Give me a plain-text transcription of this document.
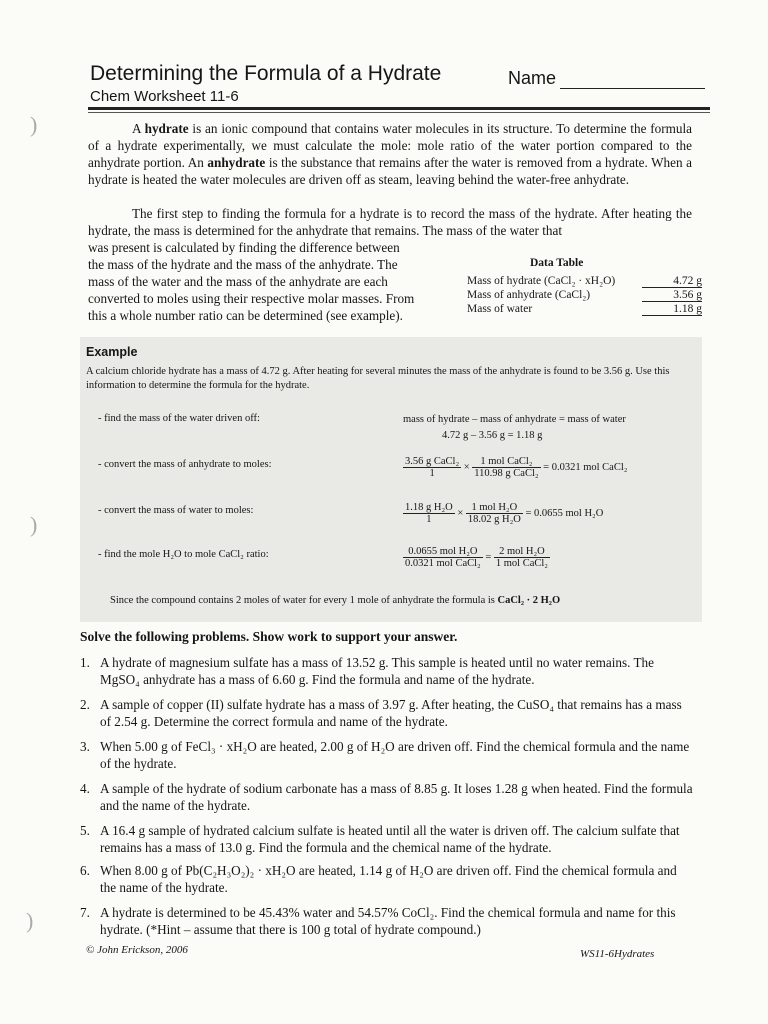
Determining the Formula of a Hydrate
Chem Worksheet 11-6
Name

A hydrate is an ionic compound that contains water molecules in its structure. To determine the formula of a hydrate experimentally, we must calculate the mole: mole ratio of the water portion compared to the anhydrate portion. An anhydrate is the substance that remains after the water is removed from a hydrate. When a hydrate is heated the water molecules are driven off as steam, leaving behind the water-free anhydrate.

The first step to finding the formula for a hydrate is to record the mass of the hydrate. After heating the hydrate, the mass is determined for the anhydrate that remains. The mass of the water that

was present is calculated by finding the difference between
the mass of the hydrate and the mass of the anhydrate. The
mass of the water and the mass of the anhydrate are each
converted to moles using their respective molar masses. From
this a whole number ratio can be determined (see example).
Data Table
Mass of hydrate (CaCl₂ · xH₂O)	4.72 g
Mass of anhydrate (CaCl₂)	3.56 g
Mass of water	1.18 g
Example

A calcium chloride hydrate has a mass of 4.72 g. After heating for several minutes the mass of the anhydrate is found to be 3.56 g. Use this information to determine the formula for the hydrate.

- find the mass of the water driven off:	mass of hydrate – mass of anhydrate = mass of water
4.72 g – 3.56 g = 1.18 g
- convert the mass of anhydrate to moles:	$\frac{\text{3.56 g CaCl₂}}{1} \times \frac{\text{1 mol CaCl₂}}{\text{110.98 g CaCl₂}} = 0.0321$ mol CaCl₂
- convert the mass of water to moles:	$\frac{\text{1.18 g H₂O}}{1} \times \frac{\text{1 mol H₂O}}{\text{18.02 g H₂O}} = 0.0655$ mol H₂O
- find the mole H₂O to mole CaCl₂ ratio:	$\frac{\text{0.0655 mol H₂O}}{\text{0.0321 mol CaCl₂}} = \frac{\text{2 mol H₂O}}{\text{1 mol CaCl₂}}$
Since the compound contains 2 moles of water for every 1 mole of anhydrate the formula is CaCl₂ · 2 H₂O
Solve the following problems. Show work to support your answer.
1. A hydrate of magnesium sulfate has a mass of 13.52 g. This sample is heated until no water remains. The MgSO₄ anhydrate has a mass of 6.60 g. Find the formula and name of the hydrate.
2. A sample of copper (II) sulfate hydrate has a mass of 3.97 g. After heating, the CuSO₄ that remains has a mass of 2.54 g. Determine the correct formula and name of the hydrate.
3. When 5.00 g of FeCl₃ · xH₂O are heated, 2.00 g of H₂O are driven off. Find the chemical formula and the name of the hydrate.
4. A sample of the hydrate of sodium carbonate has a mass of 8.85 g. It loses 1.28 g when heated. Find the formula and the name of the hydrate.
5. A 16.4 g sample of hydrated calcium sulfate is heated until all the water is driven off. The calcium sulfate that remains has a mass of 13.0 g. Find the formula and the chemical name of the hydrate.
6. When 8.00 g of Pb(C₂H₃O₂)₂ · xH₂O are heated, 1.14 g of H₂O are driven off. Find the chemical formula and the name of the hydrate.
7. A hydrate is determined to be 45.43% water and 54.57% CoCl₂. Find the chemical formula and name for this hydrate. (*Hint – assume that there is 100 g total of hydrate compound.)
© John Erickson, 2006	WS11-6Hydrates
)
)
)
